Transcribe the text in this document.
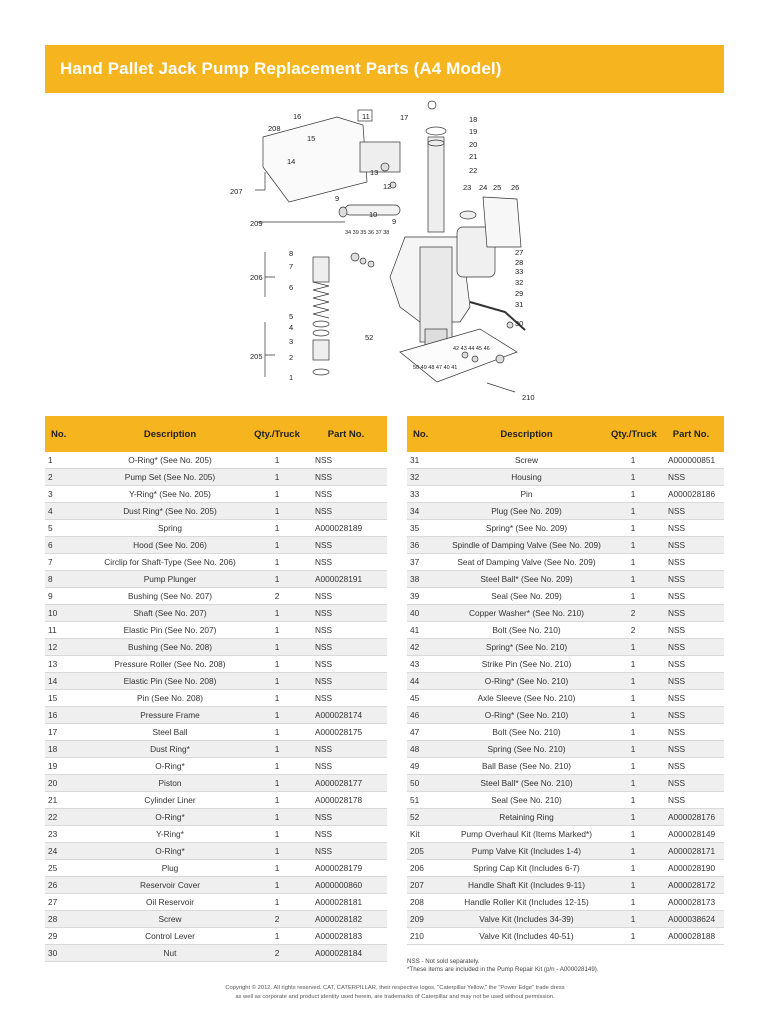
Hand Pallet Jack Pump Replacement Parts (A4 Model)
16	11
208
15
14
207
13
12
10
9
9
209
34 39 35 36 37 38
8
7
206
6
5
4
3
205	2
1
17	18
19
20
21
22
23 24 25 26
27
28
33
32
29
31
30
52
42 43 44 45 46
50 49 48 47 40 41
210
No.	Description	Qty./Truck	Part No.
1	O-Ring* (See No. 205)	1	NSS
2	Pump Set (See No. 205)	1	NSS
3	Y-Ring* (See No. 205)	1	NSS
4	Dust Ring* (See No. 205)	1	NSS
5	Spring	1	A000028189
6	Hood (See No. 206)	1	NSS
7	Circlip for Shaft-Type (See No. 206)	1	NSS
8	Pump Plunger	1	A000028191
9	Bushing (See No. 207)	2	NSS
10	Shaft (See No. 207)	1	NSS
11	Elastic Pin (See No. 207)	1	NSS
12	Bushing (See No. 208)	1	NSS
13	Pressure Roller (See No. 208)	1	NSS
14	Elastic Pin (See No. 208)	1	NSS
15	Pin (See No. 208)	1	NSS
16	Pressure Frame	1	A000028174
17	Steel Ball	1	A000028175
18	Dust Ring*	1	NSS
19	O-Ring*	1	NSS
20	Piston	1	A000028177
21	Cylinder Liner	1	A000028178
22	O-Ring*	1	NSS
23	Y-Ring*	1	NSS
24	O-Ring*	1	NSS
25	Plug	1	A000028179
26	Reservoir Cover	1	A000000860
27	Oil Reservoir	1	A000028181
28	Screw	2	A000028182
29	Control Lever	1	A000028183
30	Nut	2	A000028184
No.	Description	Qty./Truck	Part No.
31	Screw	1	A000000851
32	Housing	1	NSS
33	Pin	1	A000028186
34	Plug (See No. 209)	1	NSS
35	Spring* (See No. 209)	1	NSS
36	Spindle of Damping Valve (See No. 209)	1	NSS
37	Seat of Damping Valve (See No. 209)	1	NSS
38	Steel Ball* (See No. 209)	1	NSS
39	Seal (See No. 209)	1	NSS
40	Copper Washer* (See No. 210)	2	NSS
41	Bolt (See No. 210)	2	NSS
42	Spring* (See No. 210)	1	NSS
43	Strike Pin (See No. 210)	1	NSS
44	O-Ring* (See No. 210)	1	NSS
45	Axle Sleeve (See No. 210)	1	NSS
46	O-Ring* (See No. 210)	1	NSS
47	Bolt (See No. 210)	1	NSS
48	Spring (See No. 210)	1	NSS
49	Ball Base (See No. 210)	1	NSS
50	Steel Ball* (See No. 210)	1	NSS
51	Seal (See No. 210)	1	NSS
52	Retaining Ring	1	A000028176
Kit	Pump Overhaul Kit (Items Marked*)	1	A000028149
205	Pump Valve Kit (Includes 1-4)	1	A000028171
206	Spring Cap Kit (Includes 6-7)	1	A000028190
207	Handle Shaft Kit (Includes 9-11)	1	A000028172
208	Handle Roller Kit (Includes 12-15)	1	A000028173
209	Valve Kit (Includes 34-39)	1	A000038624
210	Valve Kit (Includes 40-51)	1	A000028188
NSS - Not sold separately.
*These items are included in the Pump Repair Kit (p/n - A000028149).
Copyright © 2012. All rights reserved. CAT, CATERPILLAR, their respective logos, "Caterpillar Yellow," the "Power Edge" trade dress
as well as corporate and product identity used herein, are trademarks of Caterpillar and may not be used without permission.
